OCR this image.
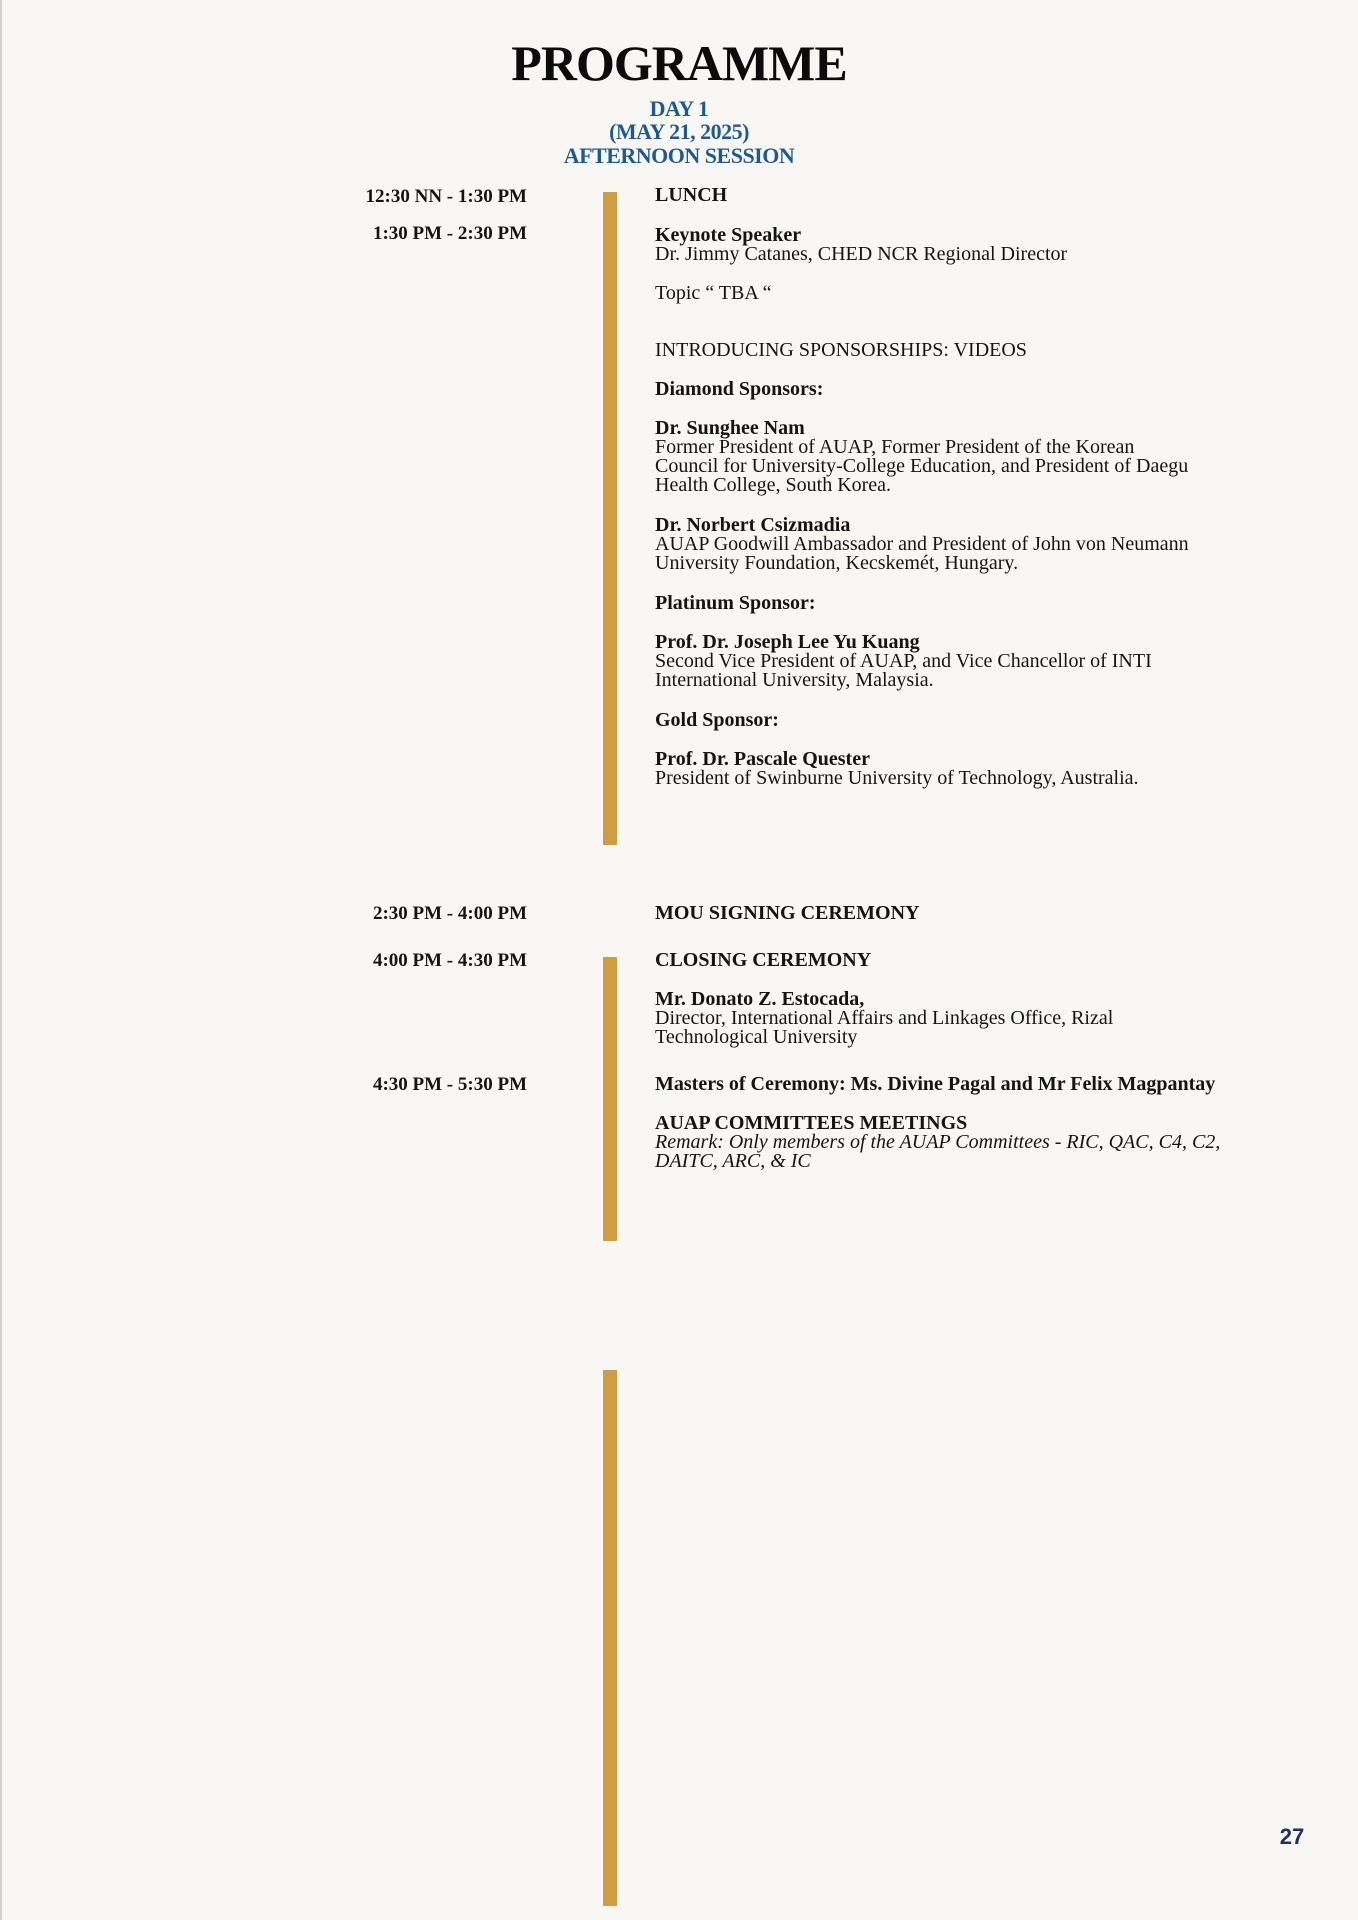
PROGRAMME
DAY 1
(MAY 21, 2025)
AFTERNOON SESSION
12:30 NN - 1:30 PM
1:30 PM - 2:30 PM
2:30 PM - 4:00 PM
4:00 PM - 4:30 PM
4:30 PM - 5:30 PM
LUNCH
Keynote Speaker
Dr. Jimmy Catanes, CHED NCR Regional Director
Topic “ TBA “
INTRODUCING SPONSORSHIPS: VIDEOS
Diamond Sponsors:
Dr. Sunghee Nam
Former President of AUAP, Former President of the Korean
Council for University-College Education, and President of Daegu
Health College, South Korea.
Dr. Norbert Csizmadia
AUAP Goodwill Ambassador and President of John von Neumann
University Foundation, Kecskemét, Hungary.
Platinum Sponsor:
Prof. Dr. Joseph Lee Yu Kuang
Second Vice President of AUAP, and Vice Chancellor of INTI
International University, Malaysia.
Gold Sponsor:
Prof. Dr. Pascale Quester
President of Swinburne University of Technology, Australia.
MOU SIGNING CEREMONY
CLOSING CEREMONY
Mr. Donato Z. Estocada,
Director, International Affairs and Linkages Office, Rizal
Technological University
Masters of Ceremony: Ms. Divine Pagal and Mr Felix Magpantay
AUAP COMMITTEES MEETINGS
Remark: Only members of the AUAP Committees - RIC, QAC, C4, C2,
DAITC, ARC, & IC
27
